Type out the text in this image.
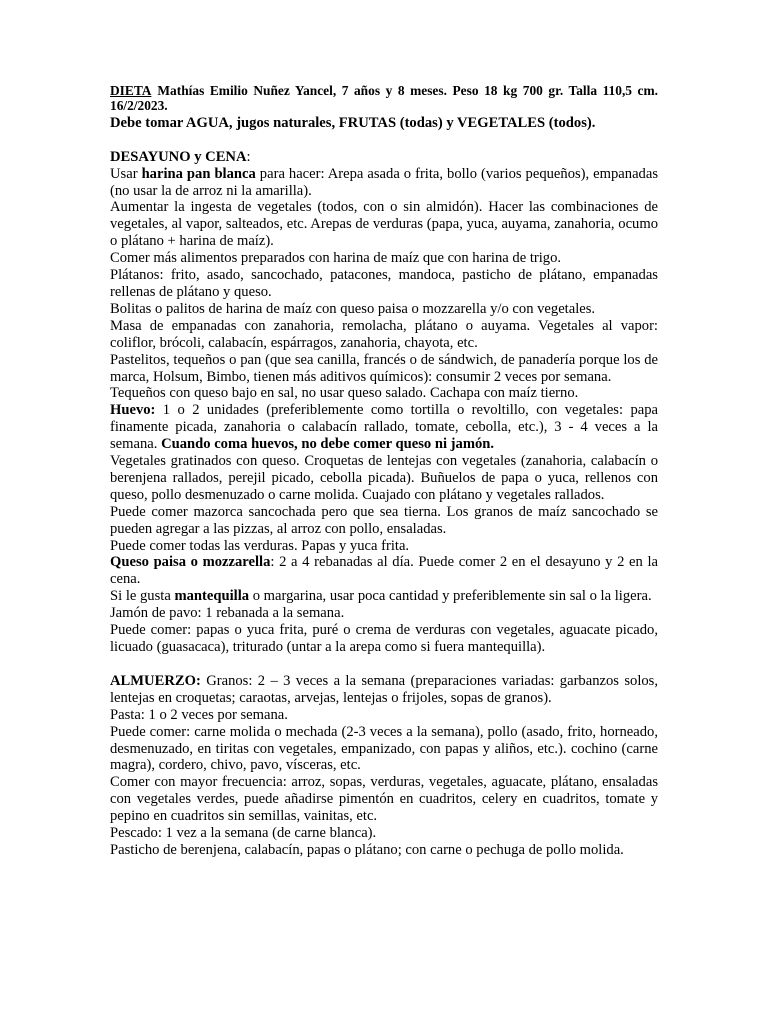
DIETA Mathías Emilio Nuñez Yancel, 7 años y 8 meses. Peso 18 kg 700 gr. Talla 110,5 cm. 16/2/2023.

Debe tomar AGUA, jugos naturales, FRUTAS (todas) y VEGETALES (todos).

DESAYUNO y CENA:

Usar harina pan blanca para hacer: Arepa asada o frita, bollo (varios pequeños), empanadas (no usar la de arroz ni la amarilla).

Aumentar la ingesta de vegetales (todos, con o sin almidón). Hacer las combinaciones de vegetales, al vapor, salteados, etc. Arepas de verduras (papa, yuca, auyama, zanahoria, ocumo o plátano + harina de maíz).

Comer más alimentos preparados con harina de maíz que con harina de trigo.

Plátanos: frito, asado, sancochado, patacones, mandoca, pasticho de plátano, empanadas rellenas de plátano y queso.

Bolitas o palitos de harina de maíz con queso paisa o mozzarella y/o con vegetales.

Masa de empanadas con zanahoria, remolacha, plátano o auyama. Vegetales al vapor: coliflor, brócoli, calabacín, espárragos, zanahoria, chayota, etc.

Pastelitos, tequeños o pan (que sea canilla, francés o de sándwich, de panadería porque los de marca, Holsum, Bimbo, tienen más aditivos químicos): consumir 2 veces por semana.

Tequeños con queso bajo en sal, no usar queso salado. Cachapa con maíz tierno.

Huevo: 1 o 2 unidades (preferiblemente como tortilla o revoltillo, con vegetales: papa finamente picada, zanahoria o calabacín rallado, tomate, cebolla, etc.), 3 - 4 veces a la semana. Cuando coma huevos, no debe comer queso ni jamón.

Vegetales gratinados con queso. Croquetas de lentejas con vegetales (zanahoria, calabacín o berenjena rallados, perejil picado, cebolla picada). Buñuelos de papa o yuca, rellenos con queso, pollo desmenuzado o carne molida. Cuajado con plátano y vegetales rallados.

Puede comer mazorca sancochada pero que sea tierna. Los granos de maíz sancochado se pueden agregar a las pizzas, al arroz con pollo, ensaladas.

Puede comer todas las verduras. Papas y yuca frita.

Queso paisa o mozzarella: 2 a 4 rebanadas al día. Puede comer 2 en el desayuno y 2 en la cena.

Si le gusta mantequilla o margarina, usar poca cantidad y preferiblemente sin sal o la ligera.

Jamón de pavo: 1 rebanada a la semana.

Puede comer: papas o yuca frita, puré o crema de verduras con vegetales, aguacate picado, licuado (guasacaca), triturado (untar a la arepa como si fuera mantequilla).

ALMUERZO: Granos: 2 – 3 veces a la semana (preparaciones variadas: garbanzos solos, lentejas en croquetas; caraotas, arvejas, lentejas o frijoles, sopas de granos).

Pasta: 1 o 2 veces por semana.

Puede comer: carne molida o mechada (2-3 veces a la semana), pollo (asado, frito, horneado, desmenuzado, en tiritas con vegetales, empanizado, con papas y aliños, etc.). cochino (carne magra), cordero, chivo, pavo, vísceras, etc.

Comer con mayor frecuencia: arroz, sopas, verduras, vegetales, aguacate, plátano, ensaladas con vegetales verdes, puede añadirse pimentón en cuadritos, celery en cuadritos, tomate y pepino en cuadritos sin semillas, vainitas, etc.

Pescado: 1 vez a la semana (de carne blanca).

Pasticho de berenjena, calabacín, papas o plátano; con carne o pechuga de pollo molida.
